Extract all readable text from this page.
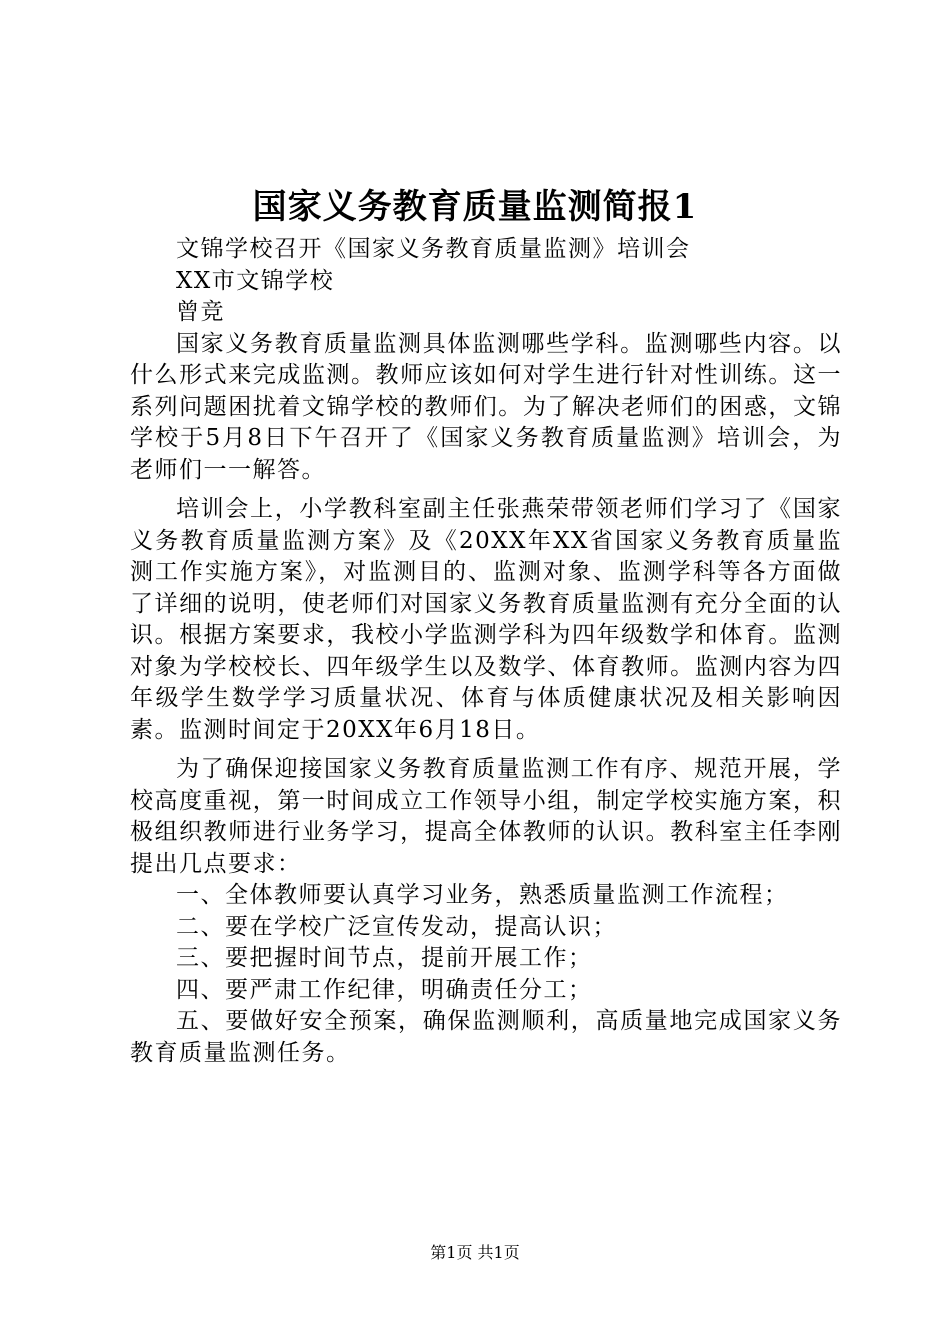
国家义务教育质量监测简报1

文锦学校召开《国家义务教育质量监测》培训会

XX市文锦学校

曾竞

国家义务教育质量监测具体监测哪些学科。监测哪些内容。以什么形式来完成监测。教师应该如何对学生进行针对性训练。这一系列问题困扰着文锦学校的教师们。为了解决老师们的困惑，文锦学校于5月8日下午召开了《国家义务教育质量监测》培训会，为老师们一一解答。

培训会上，小学教科室副主任张燕荣带领老师们学习了《国家义务教育质量监测方案》及《20XX年XX省国家义务教育质量监测工作实施方案》，对监测目的、监测对象、监测学科等各方面做了详细的说明，使老师们对国家义务教育质量监测有充分全面的认识。根据方案要求，我校小学监测学科为四年级数学和体育。监测对象为学校校长、四年级学生以及数学、体育教师。监测内容为四年级学生数学学习质量状况、体育与体质健康状况及相关影响因素。监测时间定于20XX年6月18日。

为了确保迎接国家义务教育质量监测工作有序、规范开展，学校高度重视，第一时间成立工作领导小组，制定学校实施方案，积极组织教师进行业务学习，提高全体教师的认识。教科室主任李刚提出几点要求：

一、全体教师要认真学习业务，熟悉质量监测工作流程；

二、要在学校广泛宣传发动，提高认识；

三、要把握时间节点，提前开展工作；

四、要严肃工作纪律，明确责任分工；

五、要做好安全预案，确保监测顺利，高质量地完成国家义务教育质量监测任务。

第1页 共1页
